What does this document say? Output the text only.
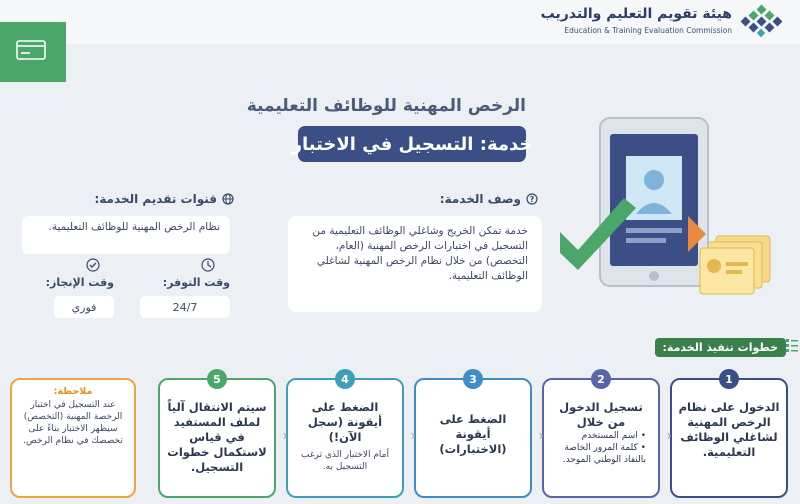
هيئة تقويم التعليم والتدريب
Education & Training Evaluation Commission
الرخص المهنية للوظائف التعليمية
خدمة: التسجيل في الاختبار
?
وصف الخدمة:
خدمة تمكن الخريج وشاغلي الوظائف التعليمية من التسجيل في اختبارات الرخص المهنية (العام، التخصص) من خلال نظام الرخص المهنية لشاغلي الوظائف التعليمية.
قنوات تقديم الخدمة:
نظام الرخص المهنية للوظائف التعليمية.
وقت التوفر:
وقت الإنجاز:
24/7
فوري
خطوات تنفيذ الخدمة:
1
الدخول على نظام الرخص المهنية لشاغلي الوظائف التعليمية.
‹
2
تسجيل الدخول من خلال
• اسم المستخدم
• كلمة المرور الخاصة بالنفاذ الوطني الموحد.
‹
3
الضغط على أيقونة (الاختبارات)
‹
4
الضغط على أيقونة (سجل الآن!)
أمام الاختبار الذي ترغب التسجيل به.
‹
5
سيتم الانتقال آلياً لملف المستفيد في قياس لاستكمال خطوات التسجيل.
ملاحظة:
عند التسجيل في اختبار الرخصة المهنية (التخصص) سيظهر الاختبار بناءً على تخصصك في نظام الرخص.
